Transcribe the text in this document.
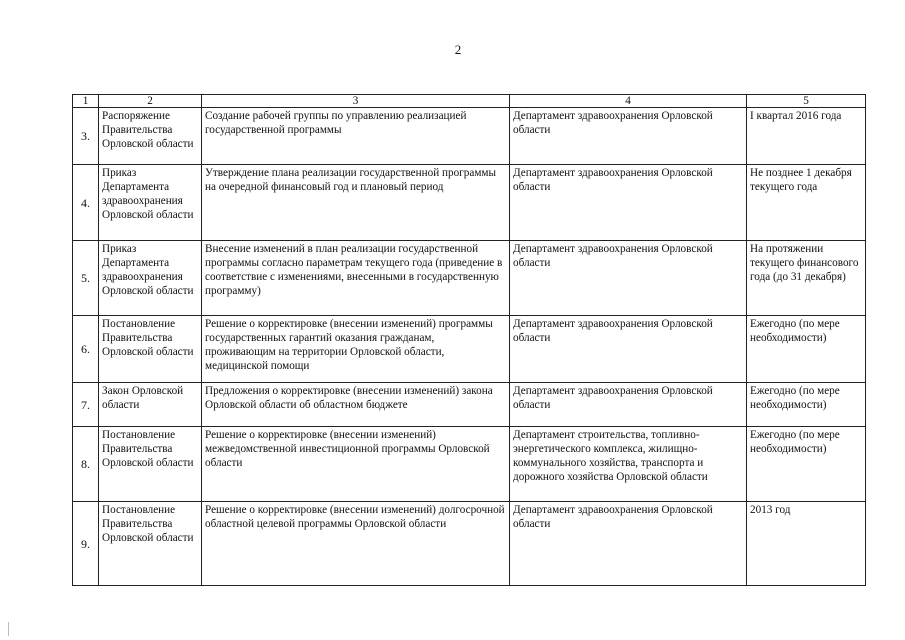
2
1	2	3	4	5
3.	Распоряжение Правительства Орловской области	Создание рабочей группы по управлению реализацией государственной программы	Департамент здравоохранения Орловской области	I квартал 2016 года
4.	Приказ Департамента здравоохранения Орловской области	Утверждение плана реализации государственной программы на очередной финансовый год и плановый период	Департамент здравоохранения Орловской области	Не позднее 1 декабря текущего года
5.	Приказ Департамента здравоохранения Орловской области	Внесение изменений в план реализации государственной программы согласно параметрам текущего года (приведение в соответствие с изменениями, внесенными в государственную программу)	Департамент здравоохранения Орловской области	На протяжении текущего финансового года (до 31 декабря)
6.	Постановление Правительства Орловской области	Решение о корректировке (внесении изменений) программы государственных гарантий оказания гражданам, проживающим на территории Орловской области, медицинской помощи	Департамент здравоохранения Орловской области	Ежегодно (по мере необходимости)
7.	Закон Орловской области	Предложения о корректировке (внесении изменений) закона Орловской области об областном бюджете	Департамент здравоохранения Орловской области	Ежегодно (по мере необходимости)
8.	Постановление Правительства Орловской области	Решение о корректировке (внесении изменений) межведомственной инвестиционной программы Орловской области	Департамент строительства, топливно-энергетического комплекса, жилищно-коммунального хозяйства, транспорта и дорожного хозяйства Орловской области	Ежегодно (по мере необходимости)
9.	Постановление Правительства Орловской области	Решение о корректировке (внесении изменений) долгосрочной областной целевой программы Орловской области	Департамент здравоохранения Орловской области	2013 год
